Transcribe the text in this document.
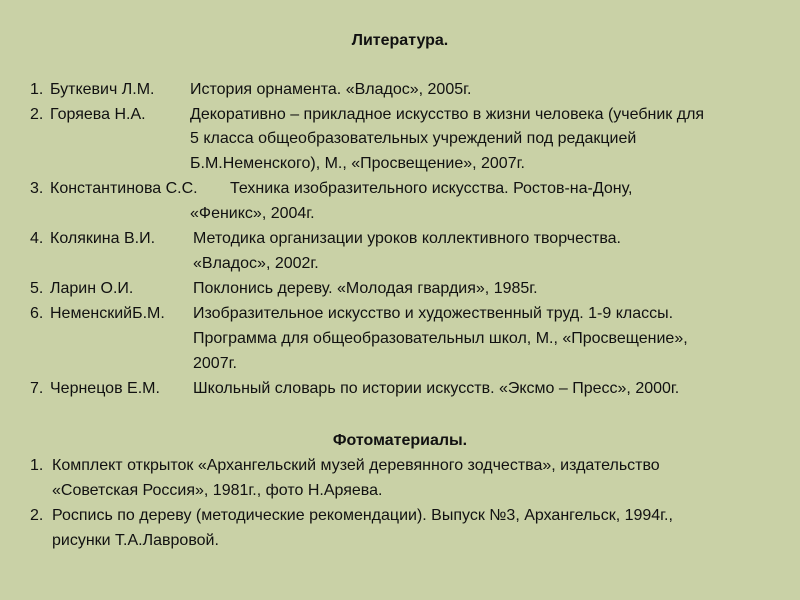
Литература.
1. Буткевич Л.М. История орнамента. «Владос», 2005г.
2. Горяева Н.А.	Декоративно – прикладное искусство в жизни человека (учебник для
5 класса общеобразовательных учреждений под редакцией
Б.М.Неменского), М., «Просвещение», 2007г.
3. Константинова С.С. Техника изобразительного искусства. Ростов-на-Дону,
«Феникс», 2004г.
4. Колякина В.И. Методика организации уроков коллективного творчества.
«Владос», 2002г.
5. Ларин О.И.	Поклонись дереву. «Молодая гвардия», 1985г.
6. НеменскийБ.М. Изобразительное искусство и художественный труд. 1-9 классы.
Программа для общеобразовательныл школ, М., «Просвещение»,
2007г.
7. Чернецов Е.М. Школьный словарь по истории искусств. «Эксмо – Пресс», 2000г.
Фотоматериалы.
1. Комплект открыток «Архангельский музей деревянного зодчества», издательство
«Советская Россия», 1981г., фото Н.Аряева.
2. Роспись по дереву (методические рекомендации). Выпуск №3, Архангельск, 1994г.,
рисунки Т.А.Лавровой.
